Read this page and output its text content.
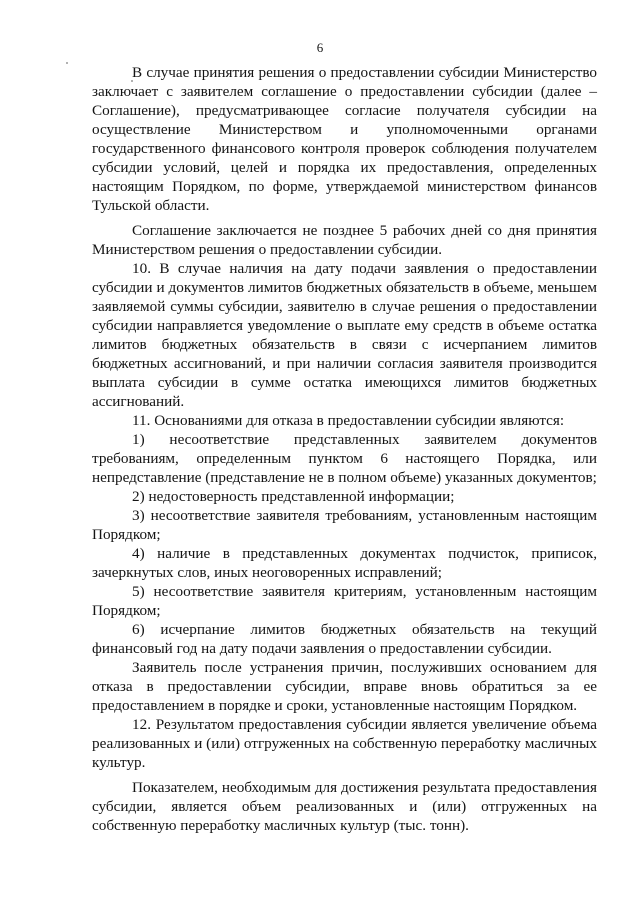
6

В случае принятия решения о предоставлении субсидии Министерство заключает с заявителем соглашение о предоставлении субсидии (далее – Соглашение), предусматривающее согласие получателя субсидии на осуществление Министерством и уполномоченными органами государственного финансового контроля проверок соблюдения получателем субсидии условий, целей и порядка их предоставления, определенных настоящим Порядком, по форме, утверждаемой министерством финансов Тульской области.

Соглашение заключается не позднее 5 рабочих дней со дня принятия Министерством решения о предоставлении субсидии.

10. В случае наличия на дату подачи заявления о предоставлении субсидии и документов лимитов бюджетных обязательств в объеме, меньшем заявляемой суммы субсидии, заявителю в случае решения о предоставлении субсидии направляется уведомление о выплате ему средств в объеме остатка лимитов бюджетных обязательств в связи с исчерпанием лимитов бюджетных ассигнований, и при наличии согласия заявителя производится выплата субсидии в сумме остатка имеющихся лимитов бюджетных ассигнований.

11. Основаниями для отказа в предоставлении субсидии являются:

1) несоответствие представленных заявителем документов требованиям, определенным пунктом 6 настоящего Порядка, или непредставление (представление не в полном объеме) указанных документов;

2) недостоверность представленной информации;

3) несоответствие заявителя требованиям, установленным настоящим Порядком;

4) наличие в представленных документах подчисток, приписок, зачеркнутых слов, иных неоговоренных исправлений;

5) несоответствие заявителя критериям, установленным настоящим Порядком;

6) исчерпание лимитов бюджетных обязательств на текущий финансовый год на дату подачи заявления о предоставлении субсидии.

Заявитель после устранения причин, послуживших основанием для отказа в предоставлении субсидии, вправе вновь обратиться за ее предоставлением в порядке и сроки, установленные настоящим Порядком.

12. Результатом предоставления субсидии является увеличение объема реализованных и (или) отгруженных на собственную переработку масличных культур.

Показателем, необходимым для достижения результата предоставления субсидии, является объем реализованных и (или) отгруженных на собственную переработку масличных культур (тыс. тонн).
